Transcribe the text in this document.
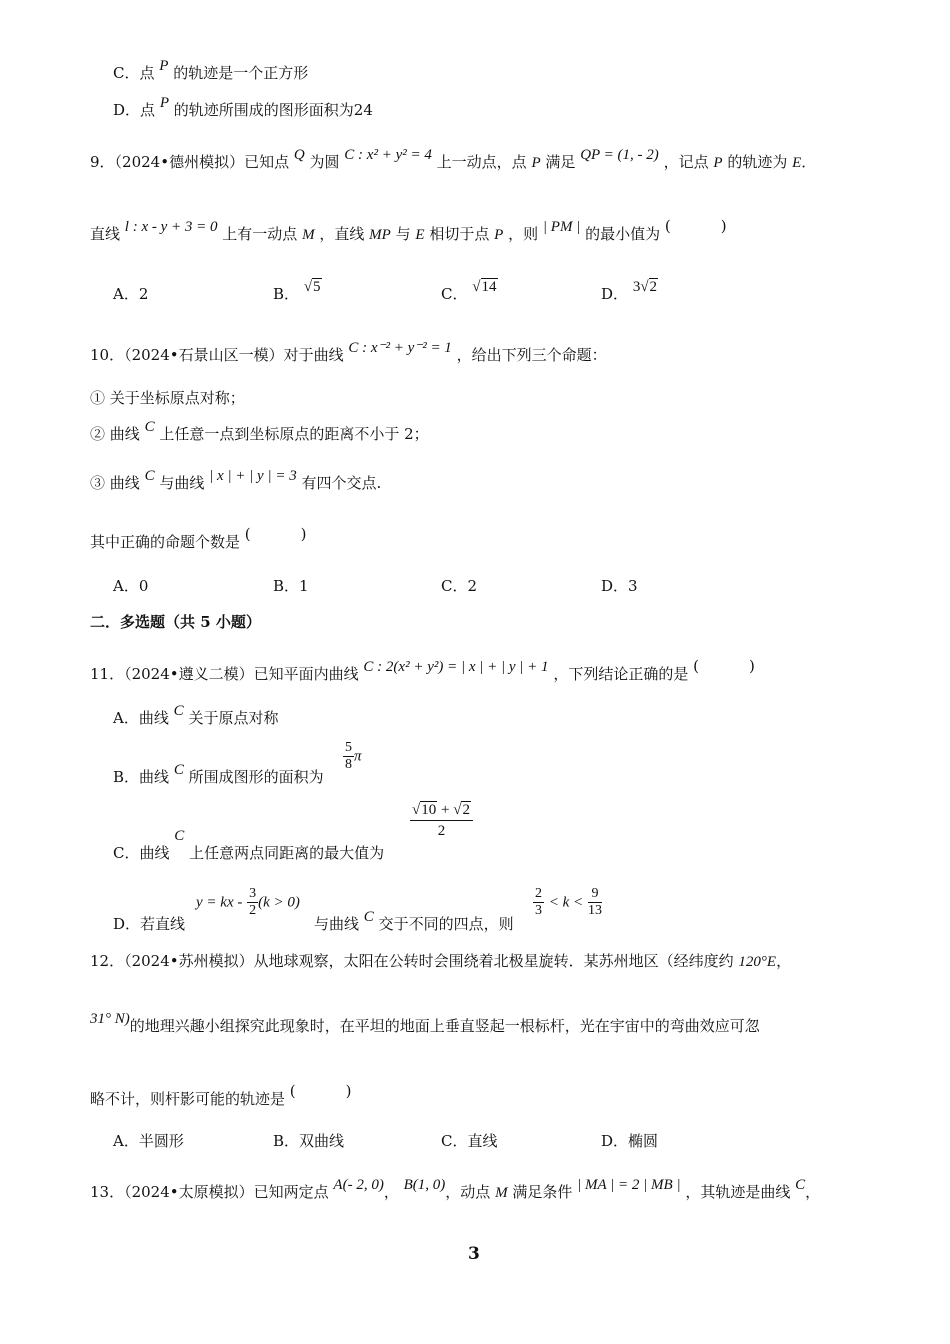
C．点 P 的轨迹是一个正方形
D．点 P 的轨迹所围成的图形面积为24
9．（2024•德州模拟）已知点 Q 为圆 C : x² + y² = 4 上一动点，点 P 满足 QP = (1, - 2) ，记点 P 的轨迹为 E．
直线 l : x - y + 3 = 0 上有一动点 M ，直线 MP 与 E 相切于点 P ，则 | PM | 的最小值为 (	)
A．2	B． √5	C． √14	D． 3√2
10．（2024•石景山区一模）对于曲线 C : x⁻² + y⁻² = 1 ，给出下列三个命题：
① 关于坐标原点对称；
② 曲线 C 上任意一点到坐标原点的距离不小于 2；
③ 曲线 C 与曲线 | x | + | y | = 3 有四个交点.
其中正确的命题个数是 (	)
A．0	B．1	C．2	D．3
二．多选题（共 5 小题）
11．（2024•遵义二模）已知平面内曲线 C : 2(x² + y²) = | x | + | y | + 1 ，下列结论正确的是 (	)
A．曲线 C 关于原点对称
B．曲线 C 所围成图形的面积为
$\frac{5}{8}$ π
C．曲线 C 上任意两点同距离的最大值为
$\frac{√10 + √2}{2}$
D．若直线
y = kx - $\frac{3}{2} (k > 0)$
与曲线 C 交于不同的四点，则
$\frac{2}{3} < k < \frac{9}{13}$
12．（2024•苏州模拟）从地球观察，太阳在公转时会围绕着北极星旋转．某苏州地区（经纬度约 120°E，
31° N)的地理兴趣小组探究此现象时，在平坦的地面上垂直竖起一根标杆，光在宇宙中的弯曲效应可忽
略不计，则杆影可能的轨迹是 (	)
A．半圆形	B．双曲线	C．直线	D．椭圆
13．（2024•太原模拟）已知两定点 A(- 2, 0)， B(1, 0)，动点 M 满足条件 | MA | = 2 | MB | ，其轨迹是曲线 C，
3
